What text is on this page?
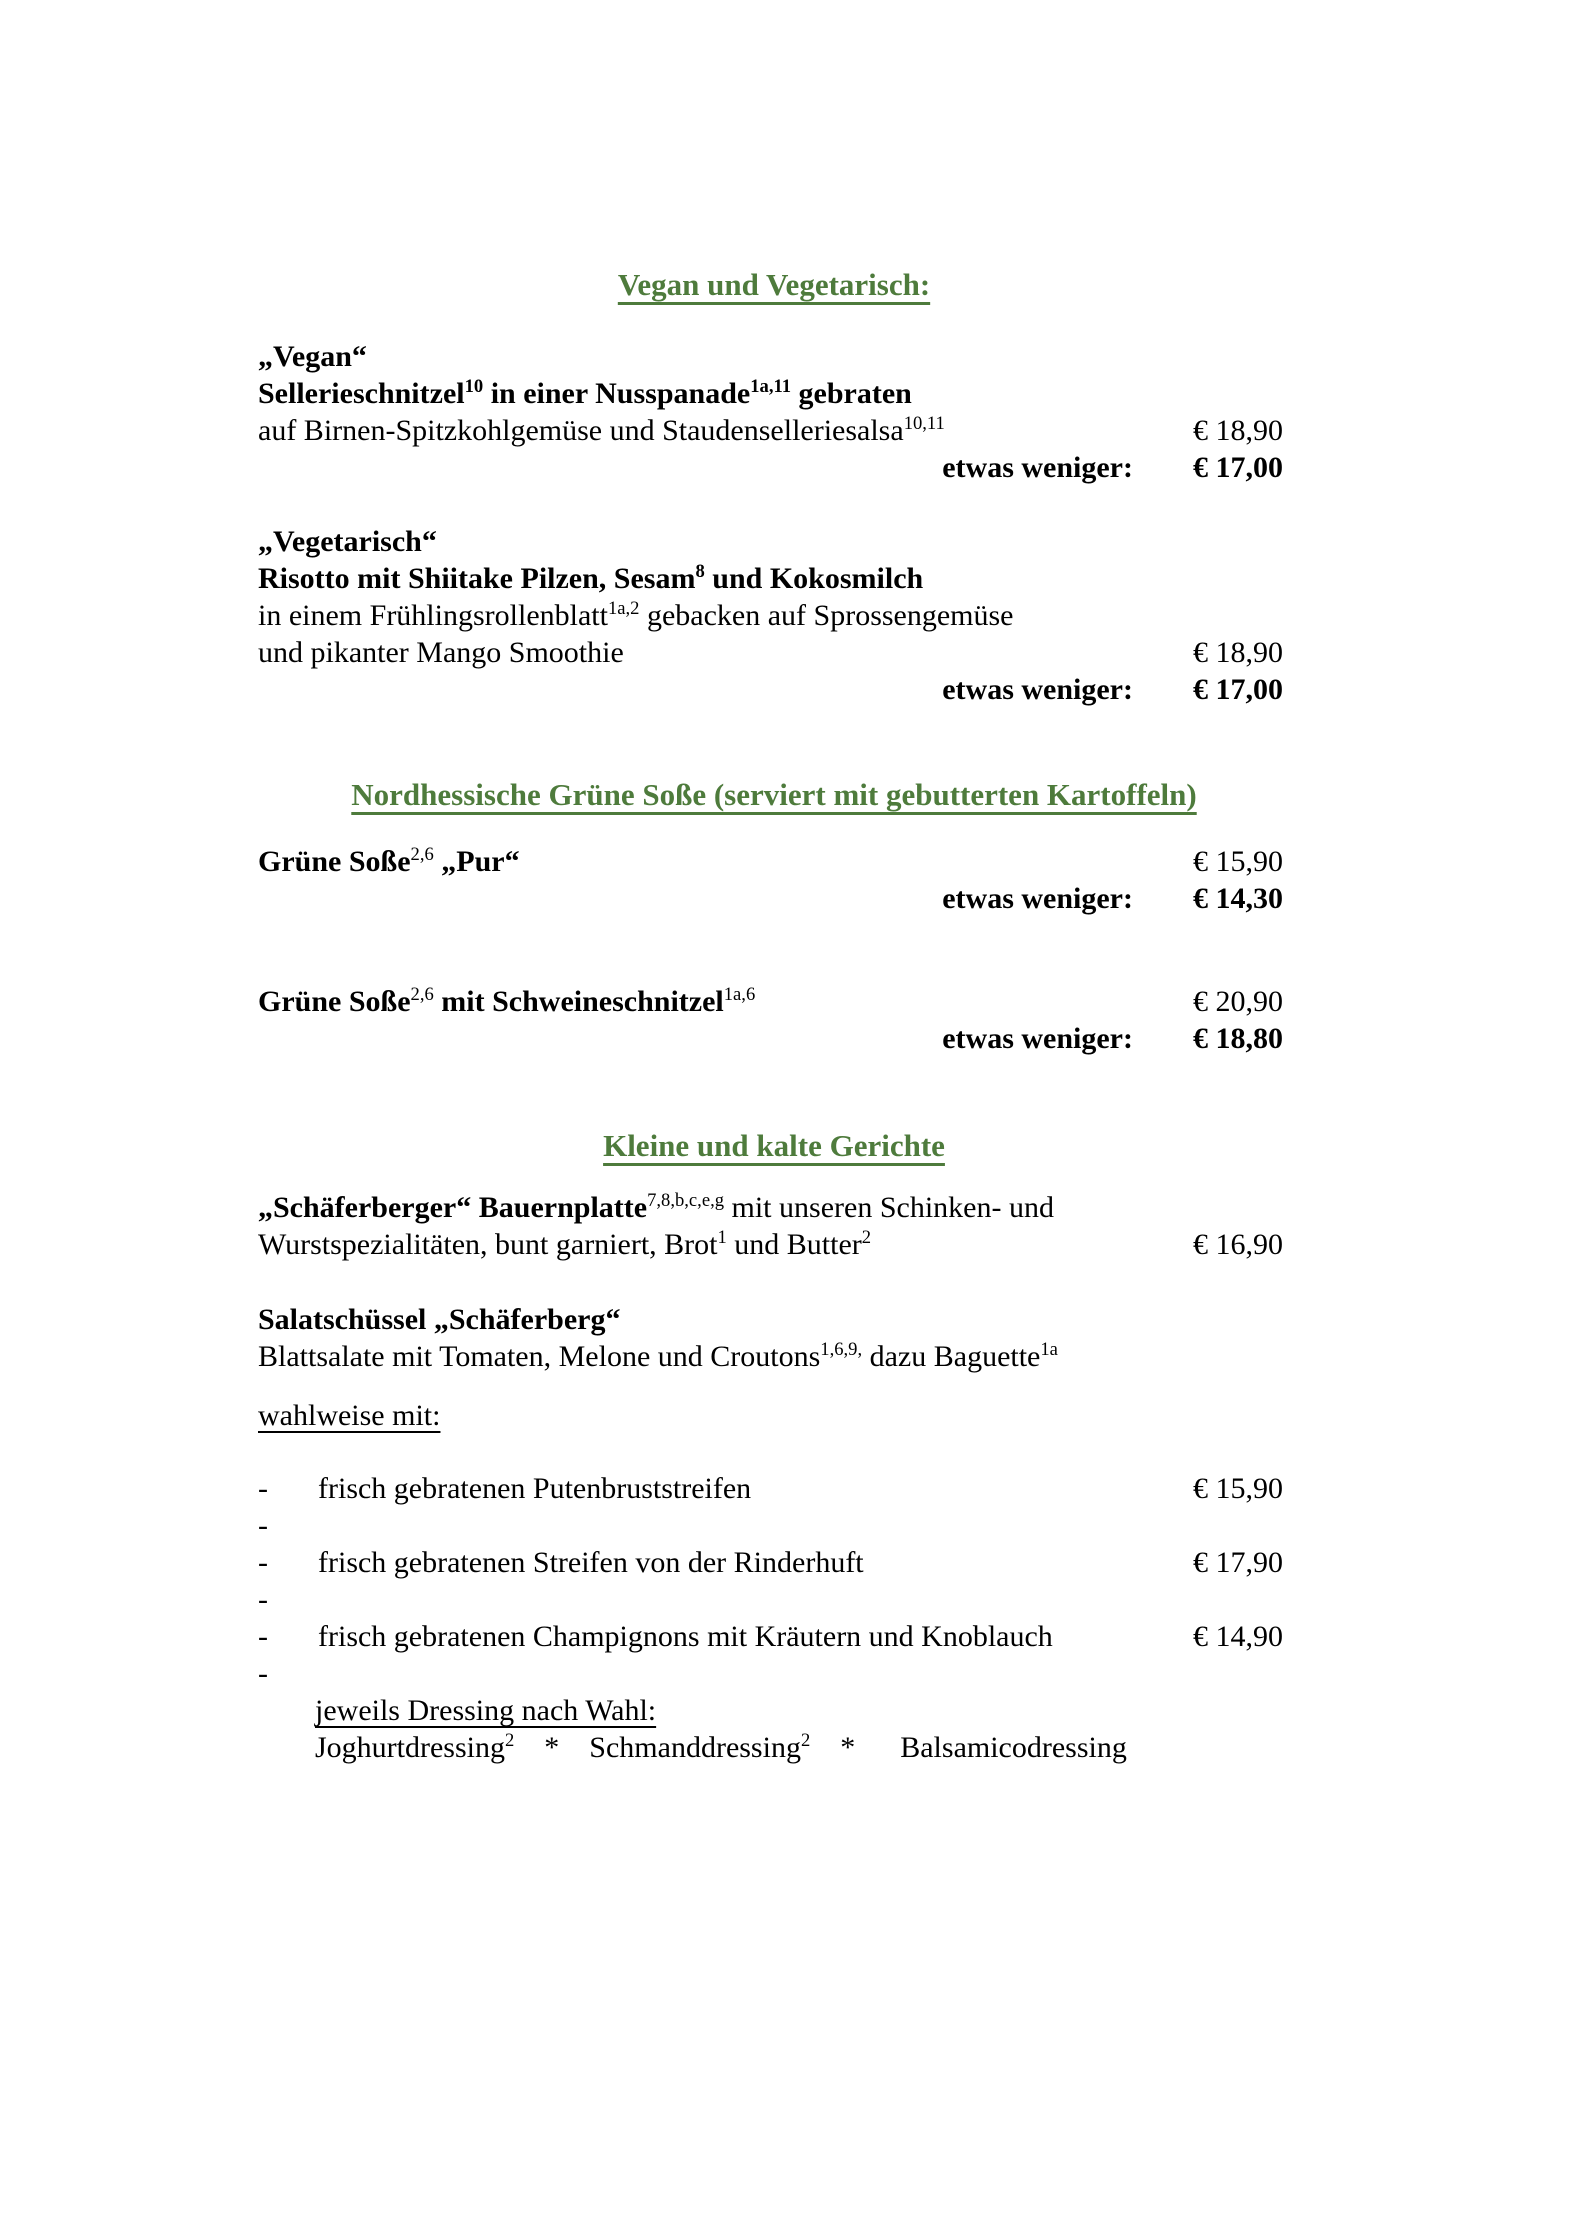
Vegan und Vegetarisch:
„Vegan“
Sellerieschnitzel$^{10}$ in einer Nusspanade$^{1a,11}$ gebraten
auf Birnen-Spitzkohlgemüse und Staudenselleriesalsa$^{10,11}$	€ 18,90
etwas weniger:	€ 17,00
„Vegetarisch“
Risotto mit Shiitake Pilzen, Sesam$^8$ und Kokosmilch
in einem Frühlingsrollenblatt$^{1a,2}$ gebacken auf Sprossengemüse
und pikanter Mango Smoothie	€ 18,90
etwas weniger:	€ 17,00
Nordhessische Grüne Soße (serviert mit gebutterten Kartoffeln)
Grüne Soße$^{2,6}$ „Pur“	€ 15,90
etwas weniger:	€ 14,30
Grüne Soße$^{2,6}$ mit Schweineschnitzel$^{1a,6}$	€ 20,90
etwas weniger:	€ 18,80
Kleine und kalte Gerichte
„Schäferberger“ Bauernplatte$^{7,8,b,c,e,g}$ mit unseren Schinken- und
Wurstspezialitäten, bunt garniert, Brot$^1$ und Butter$^2$	€ 16,90
Salatschüssel „Schäferberg“
Blattsalate mit Tomaten, Melone und Croutons$^{1,6,9,}$ dazu Baguette$^{1a}$
wahlweise mit:
-	frisch gebratenen Putenbruststreifen	€ 15,90
-
-	frisch gebratenen Streifen von der Rinderhuft	€ 17,90
-
-	frisch gebratenen Champignons mit Kräutern und Knoblauch	€ 14,90
-
jeweils Dressing nach Wahl:
Joghurtdressing$^2$    *    Schmanddressing$^2$    *      Balsamicodressing
